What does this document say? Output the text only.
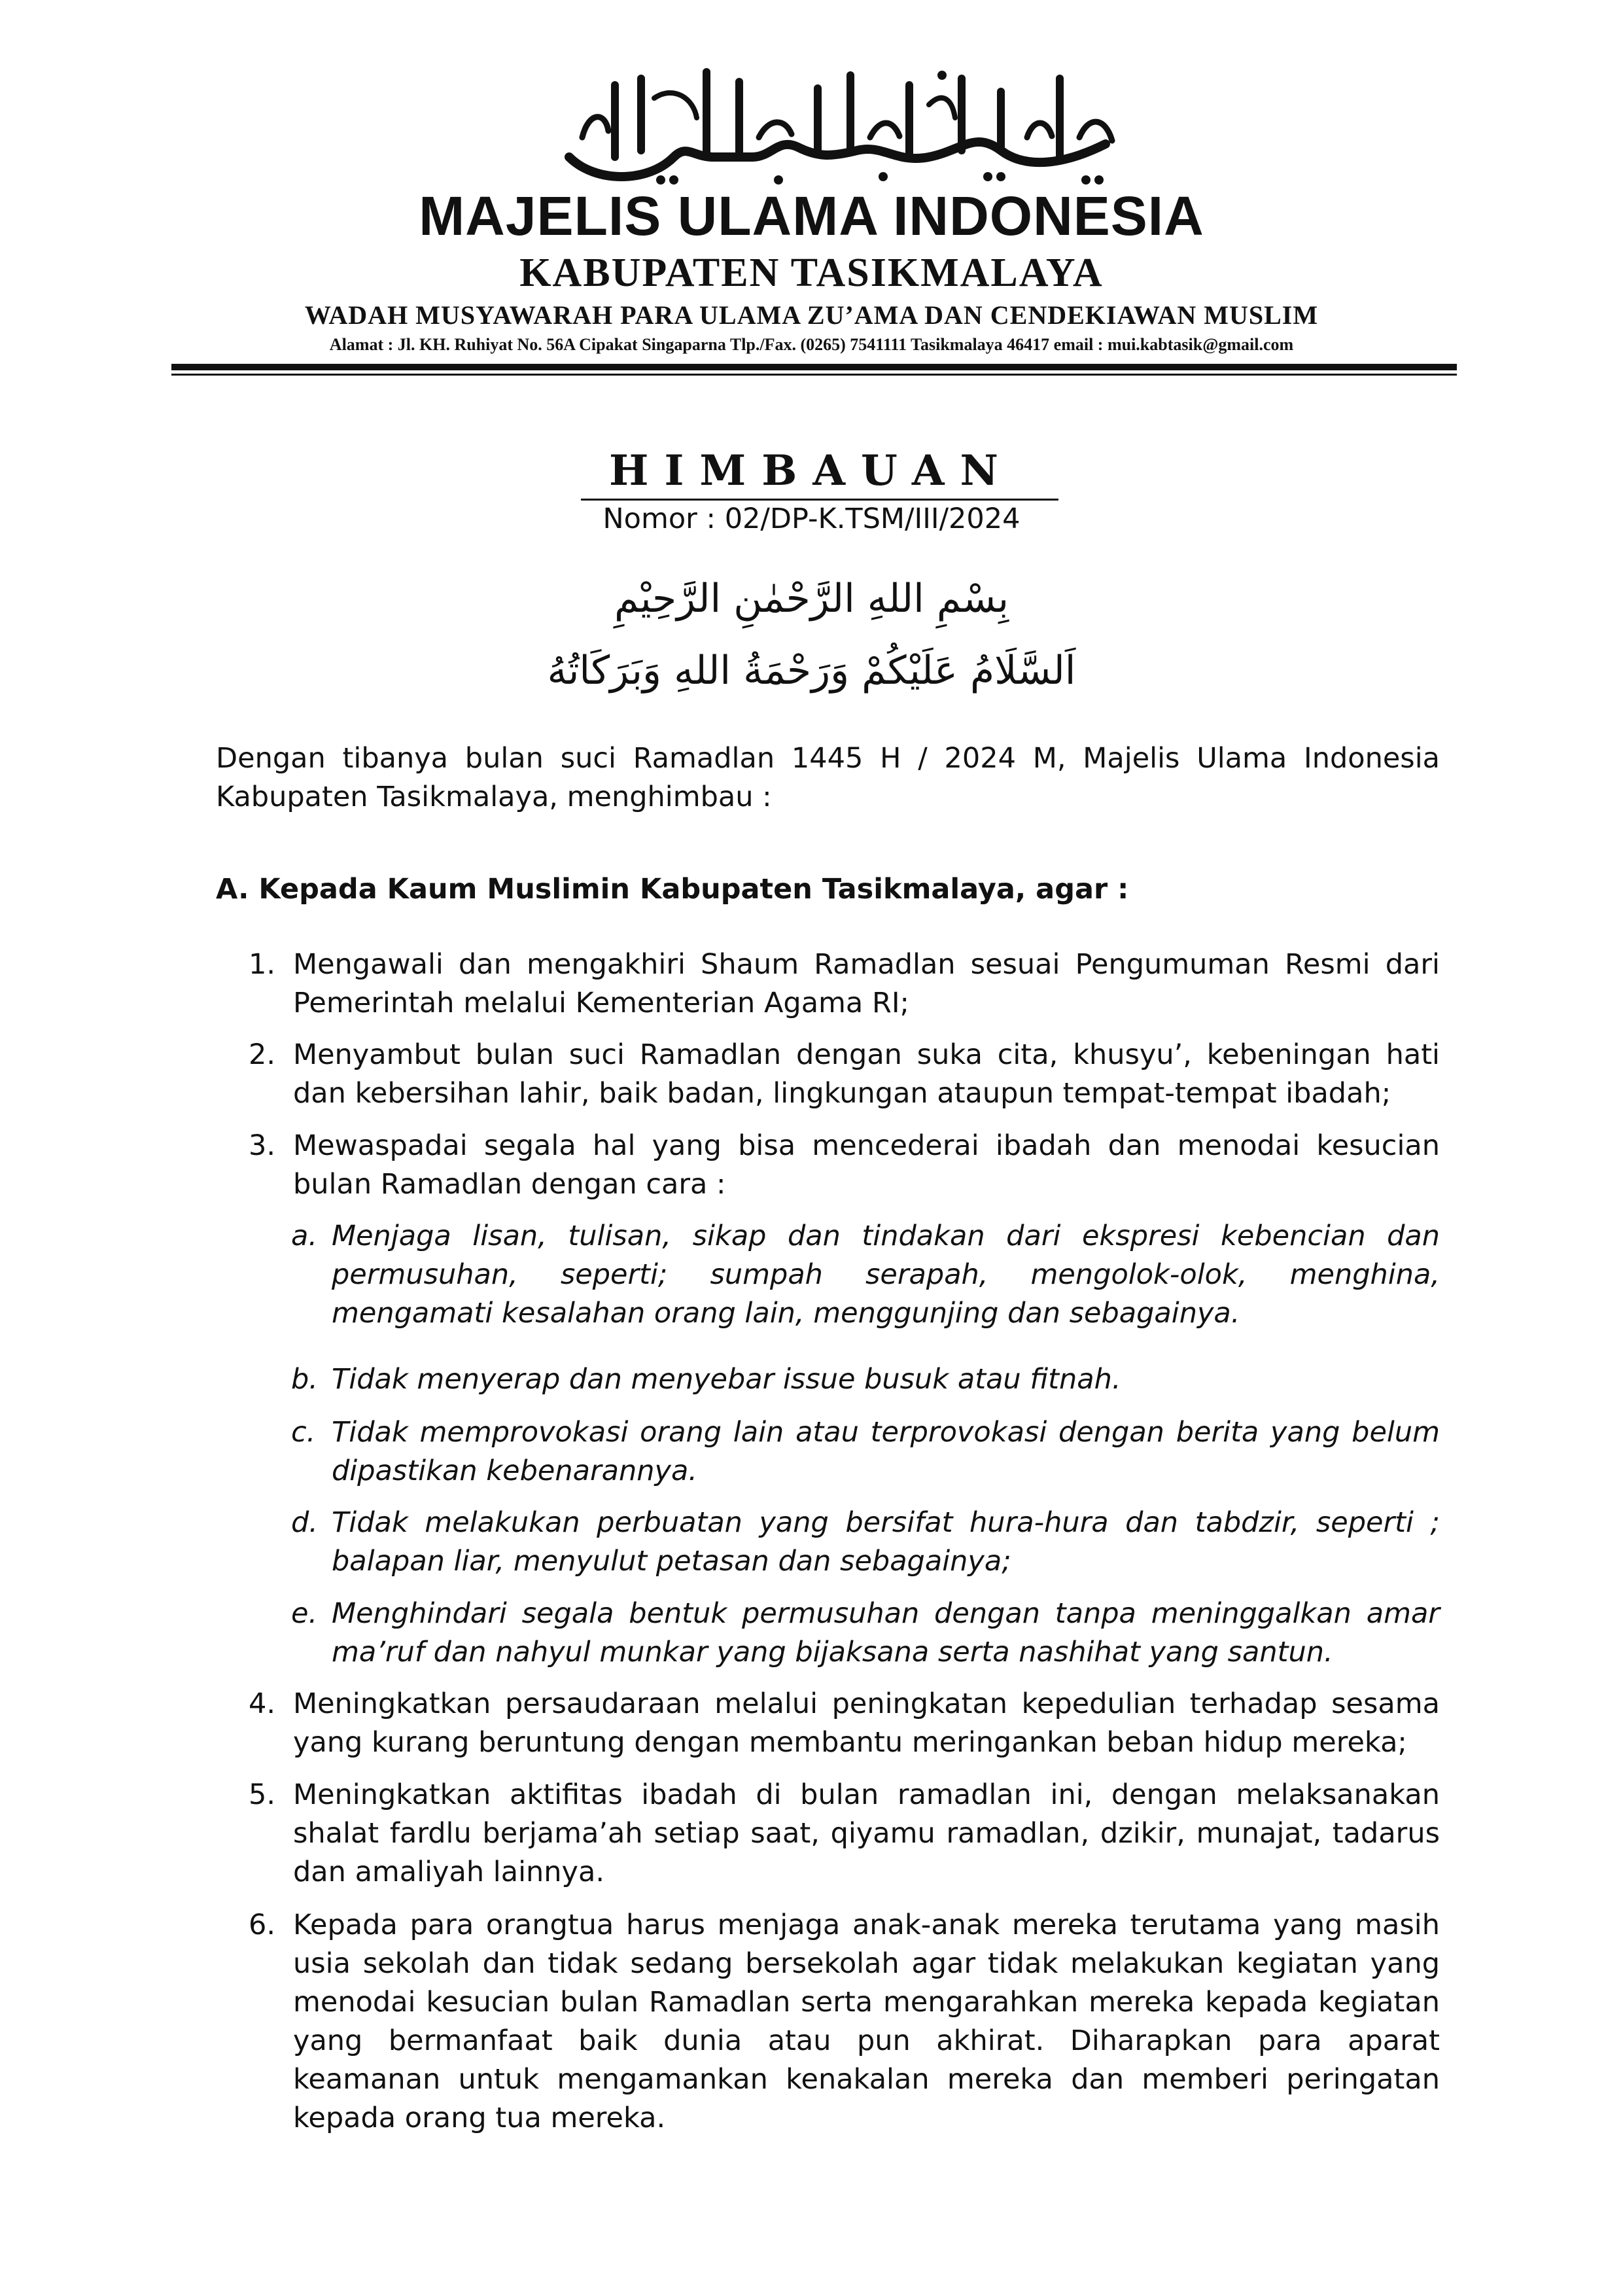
MAJELIS ULAMA INDONESIA
KABUPATEN TASIKMALAYA
WADAH MUSYAWARAH PARA ULAMA ZU’AMA DAN CENDEKIAWAN MUSLIM
Alamat : Jl. KH. Ruhiyat No. 56A Cipakat Singaparna Tlp./Fax. (0265) 7541111 Tasikmalaya 46417 email : mui.kabtasik@gmail.com
HIMBAUAN
Nomor : 02/DP-K.TSM/III/2024
بِسْمِ اللهِ الرَّحْمٰنِ الرَّحِيْمِ
اَلسَّلَامُ عَلَيْكُمْ وَرَحْمَةُ اللهِ وَبَرَكَاتُهُ
Dengan tibanya bulan suci Ramadlan 1445 H / 2024 M, Majelis Ulama Indonesia Kabupaten Tasikmalaya, menghimbau :
A. Kepada Kaum Muslimin Kabupaten Tasikmalaya, agar :
1. Mengawali dan mengakhiri Shaum Ramadlan sesuai Pengumuman Resmi dari Pemerintah melalui Kementerian Agama RI;
2. Menyambut bulan suci Ramadlan dengan suka cita, khusyu’, kebeningan hati dan kebersihan lahir, baik badan, lingkungan ataupun tempat-tempat ibadah;
3. Mewaspadai segala hal yang bisa mencederai ibadah dan menodai kesucian bulan Ramadlan dengan cara :
a. Menjaga lisan, tulisan, sikap dan tindakan dari ekspresi kebencian dan permusuhan, seperti; sumpah serapah, mengolok-olok, menghina, mengamati kesalahan orang lain, menggunjing dan sebagainya.
b. Tidak menyerap dan menyebar issue busuk atau fitnah.
c. Tidak memprovokasi orang lain atau terprovokasi dengan berita yang belum dipastikan kebenarannya.
d. Tidak melakukan perbuatan yang bersifat hura-hura dan tabdzir, seperti ; balapan liar, menyulut petasan dan sebagainya;
e. Menghindari segala bentuk permusuhan dengan tanpa meninggalkan amar ma’ruf dan nahyul munkar yang bijaksana serta nashihat yang santun.
4. Meningkatkan persaudaraan melalui peningkatan kepedulian terhadap sesama yang kurang beruntung dengan membantu meringankan beban hidup mereka;
5. Meningkatkan aktifitas ibadah di bulan ramadlan ini, dengan melaksanakan shalat fardlu berjama’ah setiap saat, qiyamu ramadlan, dzikir, munajat, tadarus dan amaliyah lainnya.
6. Kepada para orangtua harus menjaga anak-anak mereka terutama yang masih usia sekolah dan tidak sedang bersekolah agar tidak melakukan kegiatan yang menodai kesucian bulan Ramadlan serta mengarahkan mereka kepada kegiatan yang bermanfaat baik dunia atau pun akhirat. Diharapkan para aparat keamanan untuk mengamankan kenakalan mereka dan memberi peringatan kepada orang tua mereka.
